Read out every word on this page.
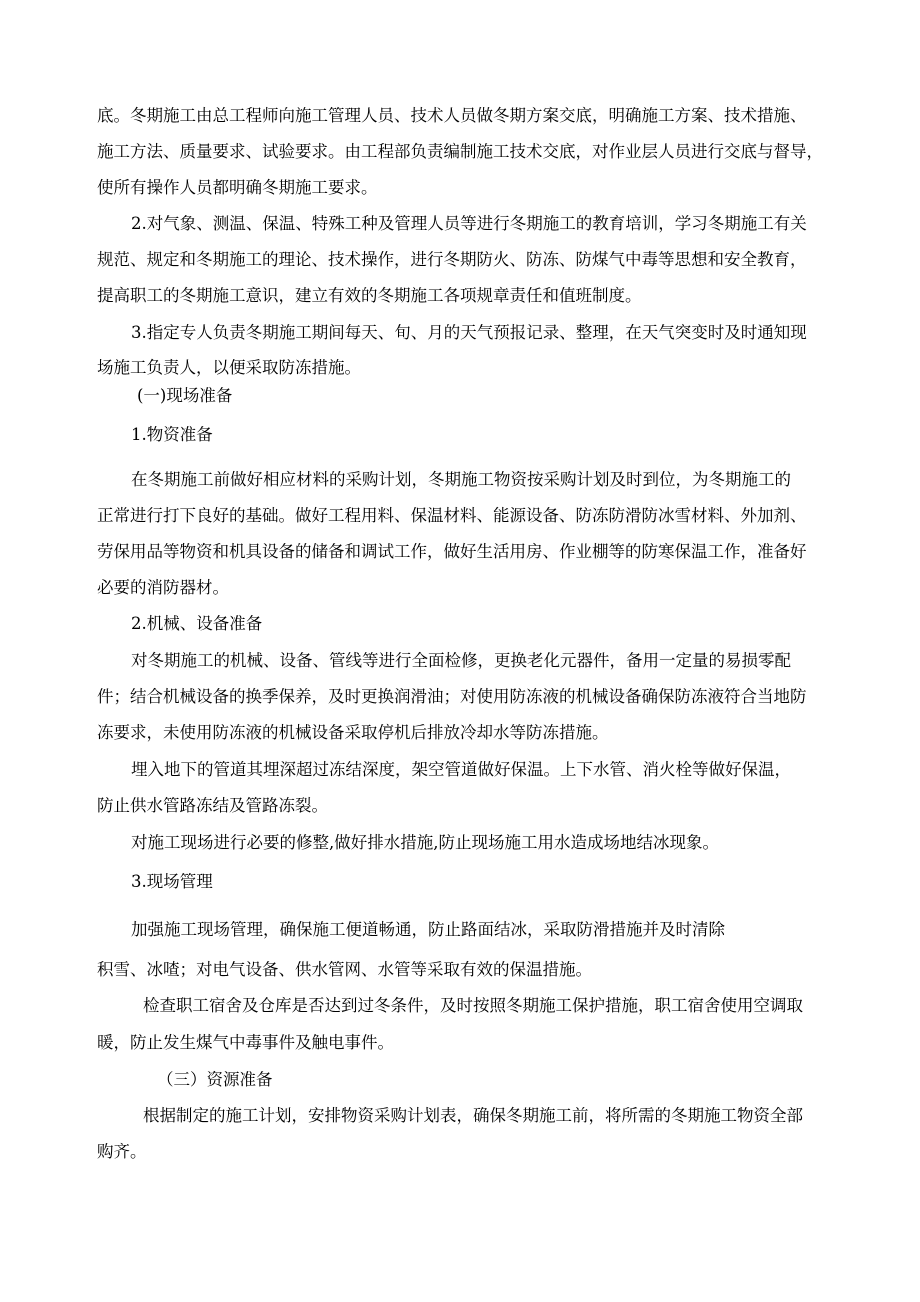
底。冬期施工由总工程师向施工管理人员、技术人员做冬期方案交底，明确施工方案、技术措施、

施工方法、质量要求、试验要求。由工程部负责编制施工技术交底，对作业层人员进行交底与督导，

使所有操作人员都明确冬期施工要求。

2.对气象、测温、保温、特殊工种及管理人员等进行冬期施工的教育培训，学习冬期施工有关

规范、规定和冬期施工的理论、技术操作，进行冬期防火、防冻、防煤气中毒等思想和安全教育，

提高职工的冬期施工意识，建立有效的冬期施工各项规章责任和值班制度。

3.指定专人负责冬期施工期间每天、旬、月的天气预报记录、整理，在天气突变时及时通知现

场施工负责人，以便采取防冻措施。

(一)现场准备

1.物资准备

在冬期施工前做好相应材料的采购计划，冬期施工物资按采购计划及时到位，为冬期施工的

正常进行打下良好的基础。做好工程用料、保温材料、能源设备、防冻防滑防冰雪材料、外加剂、

劳保用品等物资和机具设备的储备和调试工作，做好生活用房、作业棚等的防寒保温工作，准备好

必要的消防器材。

2.机械、设备准备

对冬期施工的机械、设备、管线等进行全面检修，更换老化元器件，备用一定量的易损零配

件；结合机械设备的换季保养，及时更换润滑油；对使用防冻液的机械设备确保防冻液符合当地防

冻要求，未使用防冻液的机械设备采取停机后排放冷却水等防冻措施。

埋入地下的管道其埋深超过冻结深度，架空管道做好保温。上下水管、消火栓等做好保温，

防止供水管路冻结及管路冻裂。

对施工现场进行必要的修整,做好排水措施,防止现场施工用水造成场地结冰现象。

3.现场管理

加强施工现场管理，确保施工便道畅通，防止路面结冰，采取防滑措施并及时清除

积雪、冰喳；对电气设备、供水管网、水管等采取有效的保温措施。

检查职工宿舍及仓库是否达到过冬条件，及时按照冬期施工保护措施，职工宿舍使用空调取

暖，防止发生煤气中毒事件及触电事件。

（三）资源准备

根据制定的施工计划，安排物资采购计划表，确保冬期施工前，将所需的冬期施工物资全部

购齐。
